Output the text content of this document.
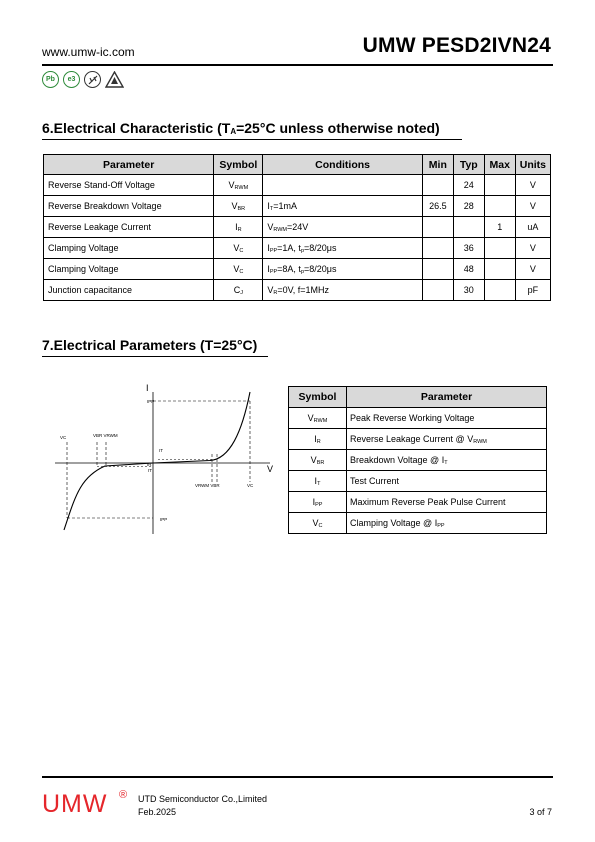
www.umw-ic.com	UMW PESD2IVN24
Pb	e3
6.Electrical Characteristic ($T_A=25^\circ C$ unless otherwise noted)
Parameter	Symbol	Conditions	Min	Typ	Max	Units
Reverse Stand-Off Voltage	$V_{RWM}$			24		V
Reverse Breakdown Voltage	$V_{BR}$	$I_T=1mA$	26.5	28		V
Reverse Leakage Current	$I_R$	$V_{RWM}=24V$			1	uA
Clamping Voltage	$V_C$	$I_{PP}=1A$, $t_p=8/20\mu s$		36		V
Clamping Voltage	$V_C$	$I_{PP}=8A$, $t_p=8/20\mu s$		48		V
Junction capacitance	$C_J$	$V_R=0V$, f=1MHz		30		pF
7.Electrical Parameters (T=25°C)
I
V
IPP
IPP
VC	VBR VRWM
IT
IR
IT
VRWM VBR	VC
Symbol	Parameter
$V_{RWM}$	Peak Reverse Working Voltage
$I_R$	Reverse Leakage Current @ $V_{RWM}$
$V_{BR}$	Breakdown Voltage @ $I_T$
$I_T$	Test Current
$I_{PP}$	Maximum Reverse Peak Pulse Current
$V_C$	Clamping Voltage @ $I_{PP}$
UMW ® UTD Semiconductor Co.,Limited
Feb.2025	3 of 7
